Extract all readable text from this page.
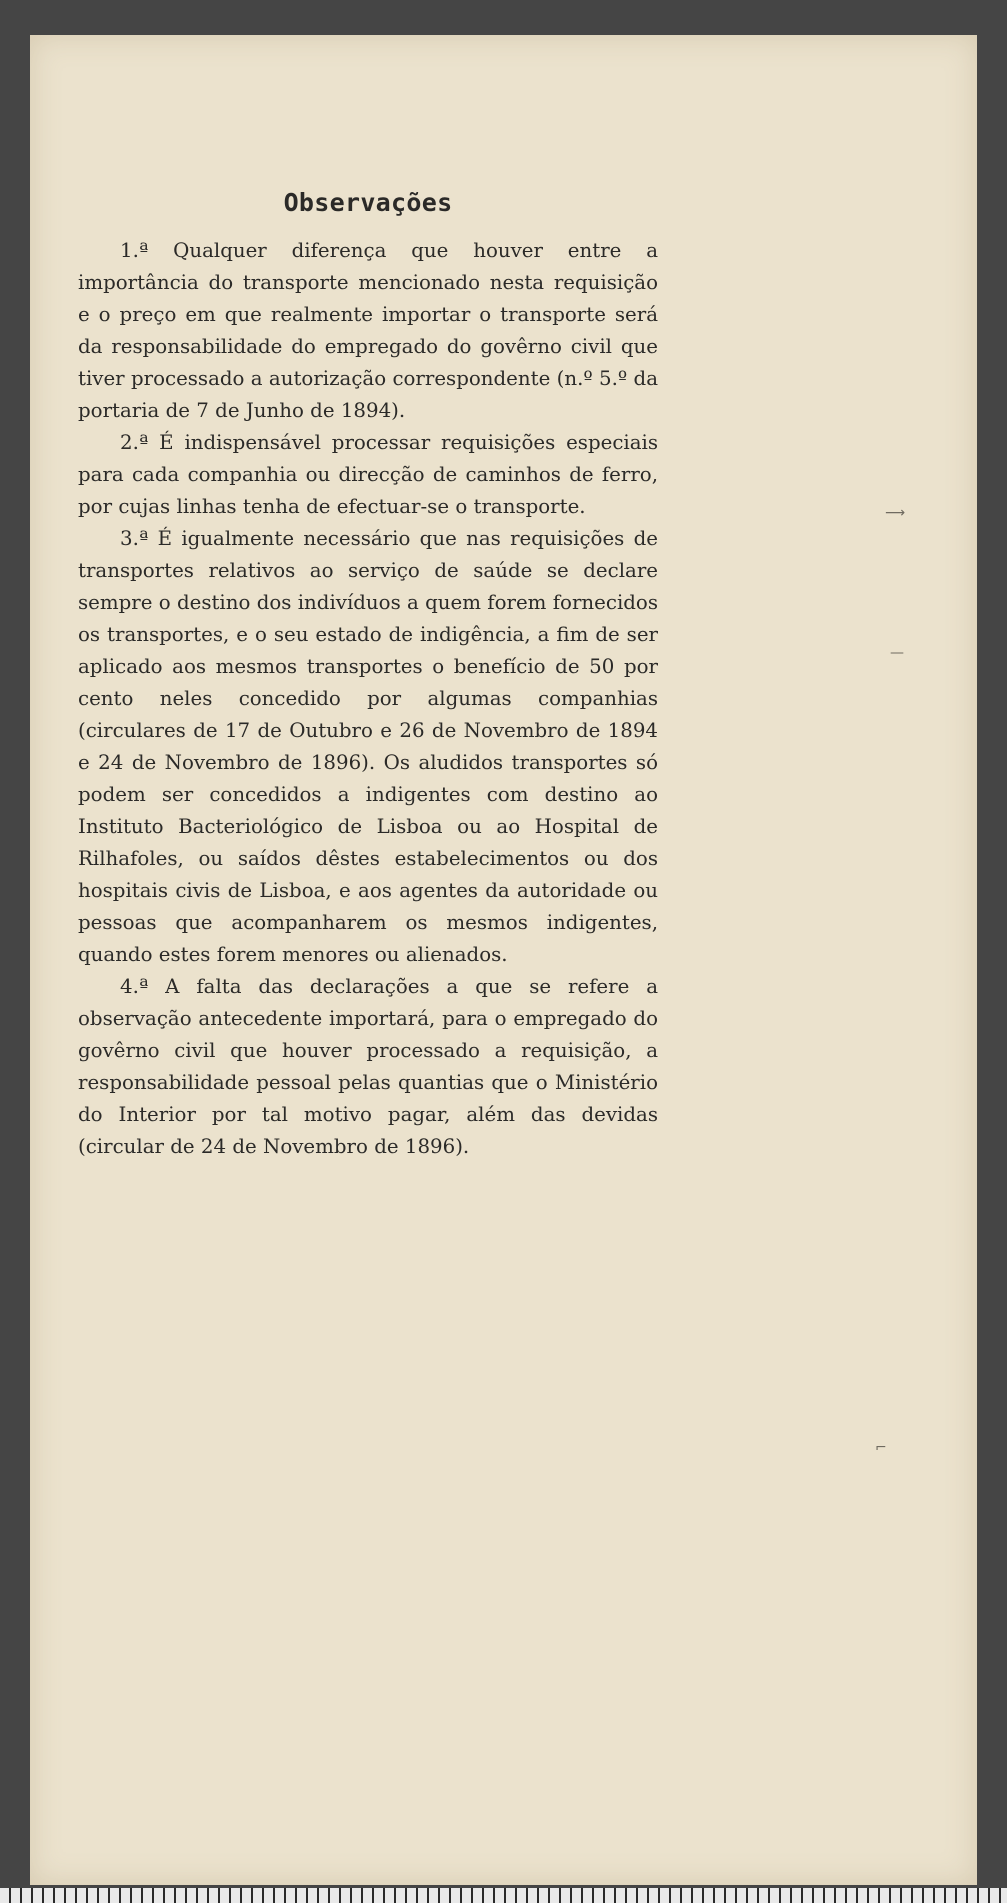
Observações

1.ª Qualquer diferença que houver entre a importância do transporte mencionado nesta requisição e o preço em que realmente importar o transporte será da responsabilidade do empregado do govêrno civil que tiver processado a autorização correspondente (n.º 5.º da portaria de 7 de Junho de 1894).

2.ª É indispensável processar requisições especiais para cada companhia ou direcção de caminhos de ferro, por cujas linhas tenha de efectuar-se o transporte.

3.ª É igualmente necessário que nas requisições de transportes relativos ao serviço de saúde se declare sempre o destino dos indivíduos a quem forem fornecidos os transportes, e o seu estado de indigência, a fim de ser aplicado aos mesmos transportes o benefício de 50 por cento neles concedido por algumas companhias (circulares de 17 de Outubro e 26 de Novembro de 1894 e 24 de Novembro de 1896). Os aludidos transportes só podem ser concedidos a indigentes com destino ao Instituto Bacteriológico de Lisboa ou ao Hospital de Rilhafoles, ou saídos dêstes estabelecimentos ou dos hospitais civis de Lisboa, e aos agentes da autoridade ou pessoas que acompanharem os mesmos indigentes, quando estes forem menores ou alienados.

4.ª A falta das declarações a que se refere a observação antecedente importará, para o empregado do govêrno civil que houver processado a requisição, a responsabilidade pessoal pelas quantias que o Ministério do Interior por tal motivo pagar, além das devidas (circular de 24 de Novembro de 1896).

⟶
—
⌐
